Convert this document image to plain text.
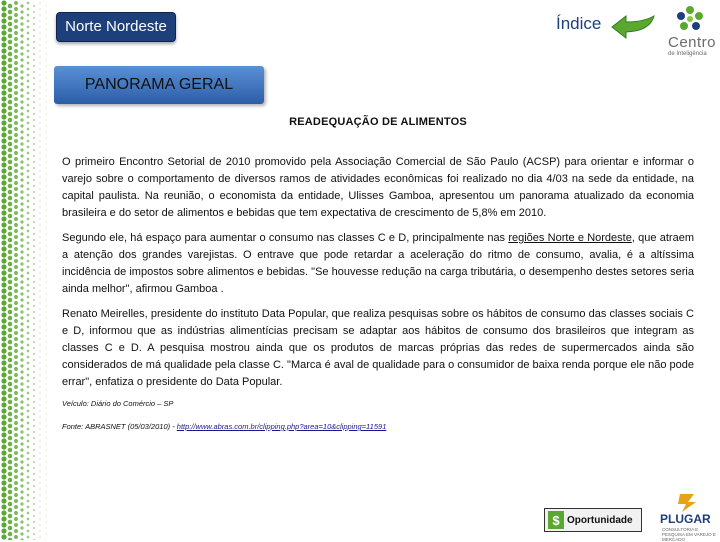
Norte Nordeste	Índice
Centro
de Inteligência
PANORAMA GERAL
READEQUAÇÃO DE ALIMENTOS

O primeiro Encontro Setorial de 2010 promovido pela Associação Comercial de São Paulo (ACSP) para orientar e informar o varejo sobre o comportamento de diversos ramos de atividades econômicas foi realizado no dia 4/03 na sede da entidade, na capital paulista. Na reunião, o economista da entidade, Ulisses Gamboa, apresentou um panorama atualizado da economia brasileira e do setor de alimentos e bebidas que tem expectativa de crescimento de 5,8% em 2010.

Segundo ele, há espaço para aumentar o consumo nas classes C e D, principalmente nas regiões Norte e Nordeste, que atraem a atenção dos grandes varejistas. O entrave que pode retardar a aceleração do ritmo de consumo, avalia, é a altíssima incidência de impostos sobre alimentos e bebidas. "Se houvesse redução na carga tributária, o desempenho destes setores seria ainda melhor", afirmou Gamboa .

Renato Meirelles, presidente do instituto Data Popular, que realiza pesquisas sobre os hábitos de consumo das classes sociais C e D, informou que as indústrias alimentícias precisam se adaptar aos hábitos de consumo dos brasileiros que integram as classes C e D. A pesquisa mostrou ainda que os produtos de marcas próprias das redes de supermercados ainda são considerados de má qualidade pela classe C. "Marca é aval de qualidade para o consumidor de baixa renda porque ele não pode errar", enfatiza o presidente do Data Popular.

Veículo: Diário do Comércio – SP
Fonte: ABRASNET (05/03/2010) - http://www.abras.com.br/clipping.php?area=10&clipping=11591
$ Oportunidade PLUGAR
CONSULTORIA E PESQUISA EM VAREJO E MERCADO
